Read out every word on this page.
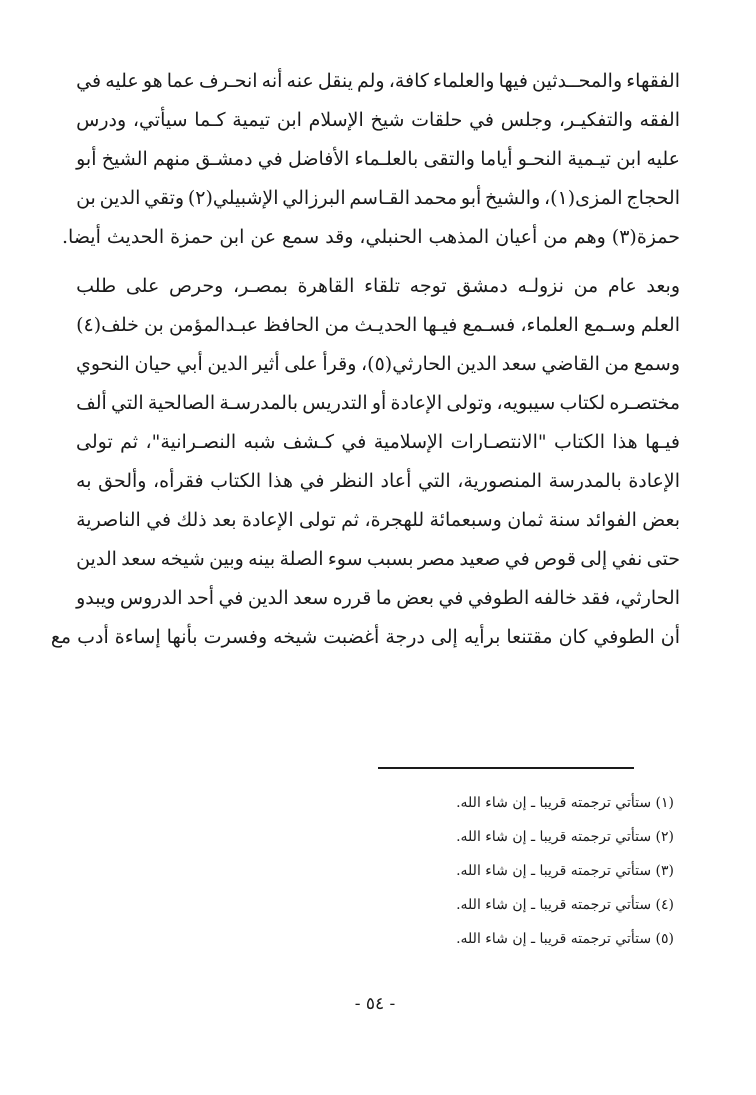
الفقهاء
والمحــدثين
فيها
والعلماء
كافة،
ولم
ينقل
عنه
أنه
انحـرف
عما
هو
عليه
في
الفقه
والتفكيـر،
وجلس
في
حلقات
شيخ
الإسلام
ابن
تيمية
كـما
سيأتي،
ودرس
عليه
ابن
تيـمية
النحـو
أياما
والتقى
بالعلـماء
الأفاضل
في
دمشـق
منهم
الشيخ
أبو
الحجاج
المزى(١)،
والشيخ
أبو
محمد
القـاسم
البرزالي
الإشبيلي(٢)
وتقي
الدين
بن
حمزة(٣)
وهم
من
أعيان
المذهب
الحنبلي،
وقد
سمع
عن
ابن
حمزة
الحديث
أيضا.
وبعد
عام
من
نزولـه
دمشق
توجه
تلقاء
القاهرة
بمصـر،
وحرص
على
طلب
العلم
وسـمع
العلماء،
فسـمع
فيـها
الحديـث
من
الحافظ
عبـدالمؤمن
بن
خلف(٤)
وسمع
من
القاضي
سعد
الدين
الحارثي(٥)،
وقرأ
على
أثير
الدين
أبي
حيان
النحوي
مختصـره
لكتاب
سيبويه،
وتولى
الإعادة
أو
التدريس
بالمدرسـة
الصالحية
التي
ألف
فيـها
هذا
الكتاب
"الانتصـارات
الإسلامية
في
كـشف
شبه
النصـرانية"،
ثم
تولى
الإعادة
بالمدرسة
المنصورية،
التي
أعاد
النظر
في
هذا
الكتاب
فقرأه،
وألحق
به
بعض
الفوائد
سنة
ثمان
وسبعمائة
للهجرة،
ثم
تولى
الإعادة
بعد
ذلك
في
الناصرية
حتى
نفي
إلى
قوص
في
صعيد
مصر
بسبب
سوء
الصلة
بينه
وبين
شيخه
سعد
الدين
الحارثي،
فقد
خالفه
الطوفي
في
بعض
ما
قرره
سعد
الدين
في
أحد
الدروس
ويبدو
أن
الطوفي
كان
مقتنعا
برأيه
إلى
درجة
أغضبت
شيخه
وفسرت
بأنها
إساءة
أدب
مع
(١) ستأتي ترجمته قريبا ـ إن شاء الله.
(٢) ستأتي ترجمته قريبا ـ إن شاء الله.
(٣) ستأتي ترجمته قريبا ـ إن شاء الله.
(٤) ستأتي ترجمته قريبا ـ إن شاء الله.
(٥) ستأتي ترجمته قريبا ـ إن شاء الله.
- ٥٤ -
